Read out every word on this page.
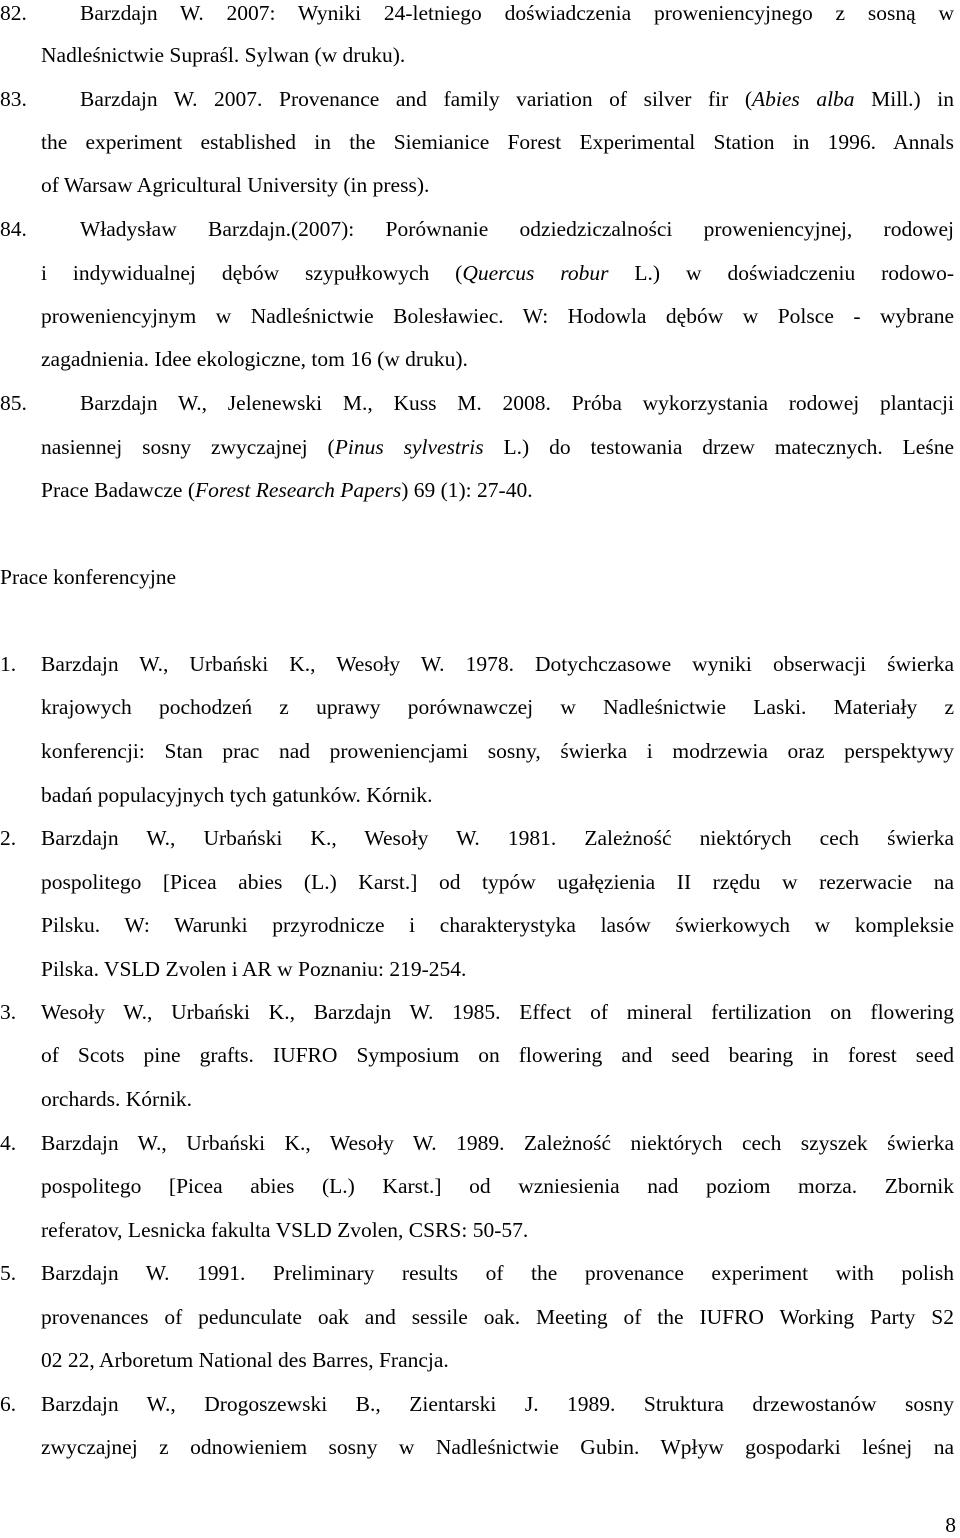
82.

Barzdajn W. 2007: Wyniki 24-letniego doświadczenia proweniencyjnego z sosną w

Nadleśnictwie Supraśl. Sylwan (w druku).

83.

Barzdajn W. 2007. Provenance and family variation of silver fir (Abies alba Mill.) in

the experiment established in the Siemianice Forest Experimental Station in 1996. Annals

of Warsaw Agricultural University (in press).

84.

Władysław Barzdajn.(2007): Porównanie odziedziczalności proweniencyjnej, rodowej

i indywidualnej dębów szypułkowych (Quercus robur L.) w doświadczeniu rodowo-

proweniencyjnym w Nadleśnictwie Bolesławiec. W: Hodowla dębów w Polsce - wybrane

zagadnienia. Idee ekologiczne, tom 16 (w druku).

85.

Barzdajn W., Jelenewski M., Kuss M. 2008. Próba wykorzystania rodowej plantacji

nasiennej sosny zwyczajnej (Pinus sylvestris L.) do testowania drzew matecznych. Leśne

Prace Badawcze (Forest Research Papers) 69 (1): 27-40.

Prace konferencyjne

1.

Barzdajn W., Urbański K., Wesoły W. 1978. Dotychczasowe wyniki obserwacji świerka

krajowych pochodzeń z uprawy porównawczej w Nadleśnictwie Laski. Materiały z

konferencji: Stan prac nad proweniencjami sosny, świerka i modrzewia oraz perspektywy

badań populacyjnych tych gatunków. Kórnik.

2.

Barzdajn W., Urbański K., Wesoły W. 1981. Zależność niektórych cech świerka

pospolitego [Picea abies (L.) Karst.] od typów ugałęzienia II rzędu w rezerwacie na

Pilsku. W: Warunki przyrodnicze i charakterystyka lasów świerkowych w kompleksie

Pilska. VSLD Zvolen i AR w Poznaniu: 219-254.

3.

Wesoły W., Urbański K., Barzdajn W. 1985. Effect of mineral fertilization on flowering

of Scots pine grafts. IUFRO Symposium on flowering and seed bearing in forest seed

orchards. Kórnik.

4.

Barzdajn W., Urbański K., Wesoły W. 1989. Zależność niektórych cech szyszek świerka

pospolitego [Picea abies (L.) Karst.] od wzniesienia nad poziom morza. Zbornik

referatov, Lesnicka fakulta VSLD Zvolen, CSRS: 50-57.

5.

Barzdajn W. 1991. Preliminary results of the provenance experiment with polish

provenances of pedunculate oak and sessile oak. Meeting of the IUFRO Working Party S2

02 22, Arboretum National des Barres, Francja.

6.

Barzdajn W., Drogoszewski B., Zientarski J. 1989. Struktura drzewostanów sosny

zwyczajnej z odnowieniem sosny w Nadleśnictwie Gubin. Wpływ gospodarki leśnej na

8
